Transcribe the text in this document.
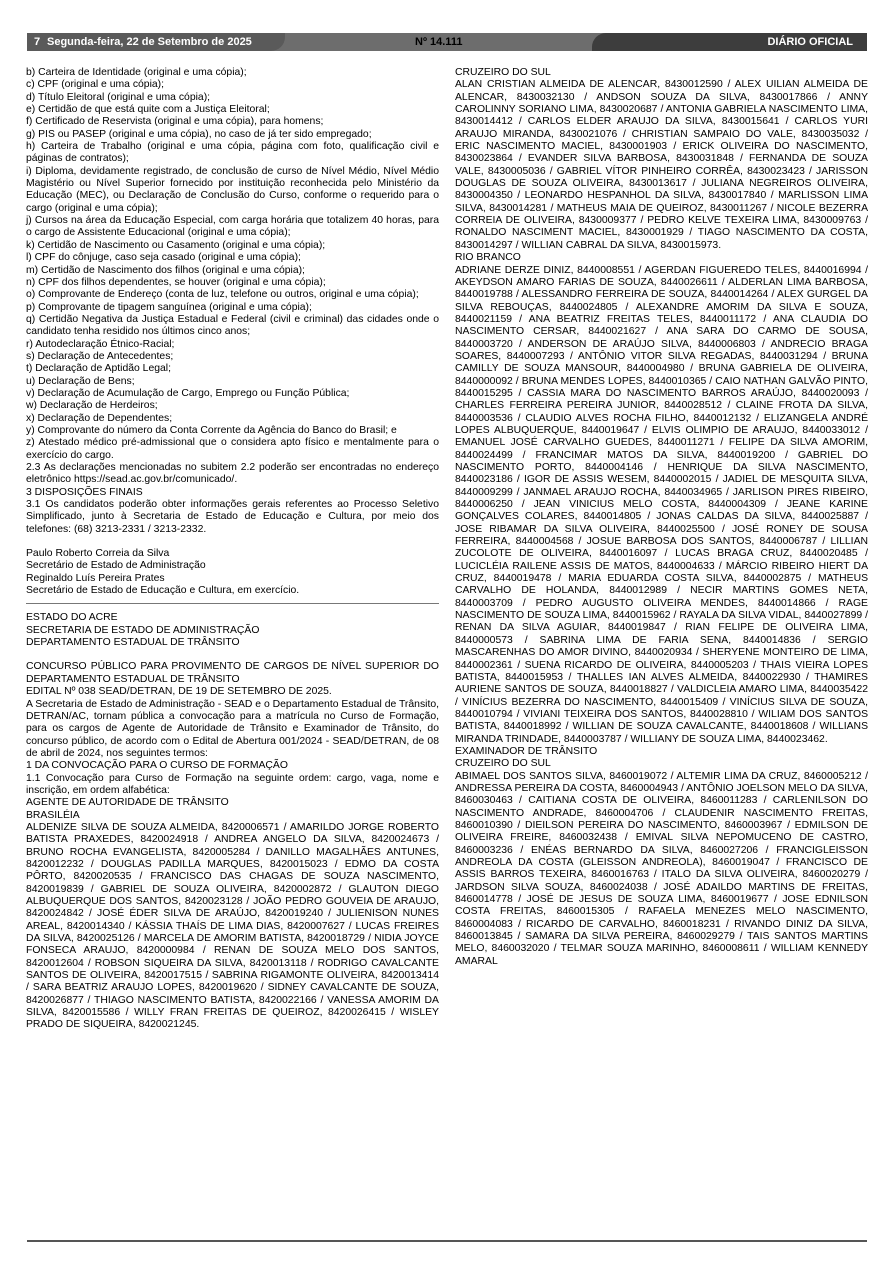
7 Segunda-feira, 22 de Setembro de 2025	Nº 14.111	DIÁRIO OFICIAL

b) Carteira de Identidade (original e uma cópia);

c) CPF (original e uma cópia);

d) Título Eleitoral (original e uma cópia);

e) Certidão de que está quite com a Justiça Eleitoral;

f) Certificado de Reservista (original e uma cópia), para homens;

g) PIS ou PASEP (original e uma cópia), no caso de já ter sido empregado;

h) Carteira de Trabalho (original e uma cópia, página com foto, qualificação civil e páginas de contratos);

i) Diploma, devidamente registrado, de conclusão de curso de Nível Médio, Nível Médio Magistério ou Nível Superior fornecido por instituição reconhecida pelo Ministério da Educação (MEC), ou Declaração de Conclusão do Curso, conforme o requerido para o cargo (original e uma cópia);

j) Cursos na área da Educação Especial, com carga horária que totalizem 40 horas, para o cargo de Assistente Educacional (original e uma cópia);

k) Certidão de Nascimento ou Casamento (original e uma cópia);

l) CPF do cônjuge, caso seja casado (original e uma cópia);

m) Certidão de Nascimento dos filhos (original e uma cópia);

n) CPF dos filhos dependentes, se houver (original e uma cópia);

o) Comprovante de Endereço (conta de luz, telefone ou outros, original e uma cópia);

p) Comprovante de tipagem sanguínea (original e uma cópia);

q) Certidão Negativa da Justiça Estadual e Federal (civil e criminal) das cidades onde o candidato tenha residido nos últimos cinco anos;

r) Autodeclaração Étnico-Racial;

s) Declaração de Antecedentes;

t) Declaração de Aptidão Legal;

u) Declaração de Bens;

v) Declaração de Acumulação de Cargo, Emprego ou Função Pública;

w) Declaração de Herdeiros;

x) Declaração de Dependentes;

y) Comprovante do número da Conta Corrente da Agência do Banco do Brasil; e

z) Atestado médico pré-admissional que o considera apto físico e mentalmente para o exercício do cargo.

2.3 As declarações mencionadas no subitem 2.2 poderão ser encontradas no endereço eletrônico https://sead.ac.gov.br/comunicado/.

3 DISPOSIÇÕES FINAIS

3.1 Os candidatos poderão obter informações gerais referentes ao Processo Seletivo Simplificado, junto à Secretaria de Estado de Educação e Cultura, por meio dos telefones: (68) 3213-2331 / 3213-2332.

Paulo Roberto Correia da Silva

Secretário de Estado de Administração

Reginaldo Luís Pereira Prates

Secretário de Estado de Educação e Cultura, em exercício.

ESTADO DO ACRE

SECRETARIA DE ESTADO DE ADMINISTRAÇÃO

DEPARTAMENTO ESTADUAL DE TRÂNSITO

CONCURSO PÚBLICO PARA PROVIMENTO DE CARGOS DE NÍVEL SUPERIOR DO DEPARTAMENTO ESTADUAL DE TRÂNSITO

EDITAL Nº 038 SEAD/DETRAN, DE 19 DE SETEMBRO DE 2025.

A Secretaria de Estado de Administração - SEAD e o Departamento Estadual de Trânsito, DETRAN/AC, tornam pública a convocação para a matrícula no Curso de Formação, para os cargos de Agente de Autoridade de Trânsito e Examinador de Trânsito, do concurso público, de acordo com o Edital de Abertura 001/2024 - SEAD/DETRAN, de 08 de abril de 2024, nos seguintes termos:

1 DA CONVOCAÇÃO PARA O CURSO DE FORMAÇÃO

1.1 Convocação para Curso de Formação na seguinte ordem: cargo, vaga, nome e inscrição, em ordem alfabética:

AGENTE DE AUTORIDADE DE TRÂNSITO

BRASILÉIA

ALDENIZE SILVA DE SOUZA ALMEIDA, 8420006571 / AMARILDO JORGE ROBERTO BATISTA PRAXEDES, 8420024918 / ANDREA ANGELO DA SILVA, 8420024673 / BRUNO ROCHA EVANGELISTA, 8420005284 / DANILLO MAGALHÃES ANTUNES, 8420012232 / DOUGLAS PADILLA MARQUES, 8420015023 / EDMO DA COSTA PÔRTO, 8420020535 / FRANCISCO DAS CHAGAS DE SOUZA NASCIMENTO, 8420019839 / GABRIEL DE SOUZA OLIVEIRA, 8420002872 / GLAUTON DIEGO ALBUQUERQUE DOS SANTOS, 8420023128 / JOÃO PEDRO GOUVEIA DE ARAUJO, 8420024842 / JOSÉ ÉDER SILVA DE ARAÚJO, 8420019240 / JULIENISON NUNES AREAL, 8420014340 / KÁSSIA THAÍS DE LIMA DIAS, 8420007627 / LUCAS FREIRES DA SILVA, 8420025126 / MARCELA DE AMORIM BATISTA, 8420018729 / NIDIA JOYCE FONSECA ARAUJO, 8420000984 / RENAN DE SOUZA MELO DOS SANTOS, 8420012604 / ROBSON SIQUEIRA DA SILVA, 8420013118 / RODRIGO CAVALCANTE SANTOS DE OLIVEIRA, 8420017515 / SABRINA RIGAMONTE OLIVEIRA, 8420013414 / SARA BEATRIZ ARAUJO LOPES, 8420019620 / SIDNEY CAVALCANTE DE SOUZA, 8420026877 / THIAGO NASCIMENTO BATISTA, 8420022166 / VANESSA AMORIM DA SILVA, 8420015586 / WILLY FRAN FREITAS DE QUEIROZ, 8420026415 / WISLEY PRADO DE SIQUEIRA, 8420021245.

CRUZEIRO DO SUL

ALAN CRISTIAN ALMEIDA DE ALENCAR, 8430012590 / ALEX UILIAN ALMEIDA DE ALENCAR, 8430032130 / ANDSON SOUZA DA SILVA, 8430017866 / ANNY CAROLINNY SORIANO LIMA, 8430020687 / ANTONIA GABRIELA NASCIMENTO LIMA, 8430014412 / CARLOS ELDER ARAUJO DA SILVA, 8430015641 / CARLOS YURI ARAUJO MIRANDA, 8430021076 / CHRISTIAN SAMPAIO DO VALE, 8430035032 / ERIC NASCIMENTO MACIEL, 8430001903 / ERICK OLIVEIRA DO NASCIMENTO, 8430023864 / EVANDER SILVA BARBOSA, 8430031848 / FERNANDA DE SOUZA VALE, 8430005036 / GABRIEL VÍTOR PINHEIRO CORRÊA, 8430023423 / JARISSON DOUGLAS DE SOUZA OLIVEIRA, 8430013617 / JULIANA NEGREIROS OLIVEIRA, 8430004350 / LEONARDO HESPANHOL DA SILVA, 8430017840 / MARLISSON LIMA SILVA, 8430014281 / MATHEUS MAIA DE QUEIROZ, 8430011267 / NICOLE BEZERRA CORREIA DE OLIVEIRA, 8430009377 / PEDRO KELVE TEXEIRA LIMA, 8430009763 / RONALDO NASCIMENT MACIEL, 8430001929 / TIAGO NASCIMENTO DA COSTA, 8430014297 / WILLIAN CABRAL DA SILVA, 8430015973.

RIO BRANCO

ADRIANE DERZE DINIZ, 8440008551 / AGERDAN FIGUEREDO TELES, 8440016994 / AKEYDSON AMARO FARIAS DE SOUZA, 8440026611 / ALDERLAN LIMA BARBOSA, 8440019788 / ALESSANDRO FERREIRA DE SOUZA, 8440014264 / ALEX GURGEL DA SILVA REBOUÇAS, 8440024805 / ALEXANDRE AMORIM DA SILVA E SOUZA, 8440021159 / ANA BEATRIZ FREITAS TELES, 8440011172 / ANA CLAUDIA DO NASCIMENTO CERSAR, 8440021627 / ANA SARA DO CARMO DE SOUSA, 8440003720 / ANDERSON DE ARAÚJO SILVA, 8440006803 / ANDRECIO BRAGA SOARES, 8440007293 / ANTÔNIO VITOR SILVA REGADAS, 8440031294 / BRUNA CAMILLY DE SOUZA MANSOUR, 8440004980 / BRUNA GABRIELA DE OLIVEIRA, 8440000092 / BRUNA MENDES LOPES, 8440010365 / CAIO NATHAN GALVÃO PINTO, 8440015295 / CASSIA MARA DO NASCIMENTO BARROS ARAÚJO, 8440020093 / CHARLES FERREIRA PEREIRA JUNIOR, 8440028512 / CLAINE FROTA DA SILVA, 8440003536 / CLAUDIO ALVES ROCHA FILHO, 8440012132 / ELIZANGELA ANDRÉ LOPES ALBUQUERQUE, 8440019647 / ELVIS OLIMPIO DE ARAUJO, 8440033012 / EMANUEL JOSÉ CARVALHO GUEDES, 8440011271 / FELIPE DA SILVA AMORIM, 8440024499 / FRANCIMAR MATOS DA SILVA, 8440019200 / GABRIEL DO NASCIMENTO PORTO, 8440004146 / HENRIQUE DA SILVA NASCIMENTO, 8440023186 / IGOR DE ASSIS WESEM, 8440002015 / JADIEL DE MESQUITA SILVA, 8440009299 / JANMAEL ARAUJO ROCHA, 8440034965 / JARLISON PIRES RIBEIRO, 8440006250 / JEAN VINICIUS MELO COSTA, 8440004309 / JEANE KARINE GONÇALVES COLARES, 8440014805 / JONAS CALDAS DA SILVA, 8440025887 / JOSE RIBAMAR DA SILVA OLIVEIRA, 8440025500 / JOSÉ RONEY DE SOUSA FERREIRA, 8440004568 / JOSUE BARBOSA DOS SANTOS, 8440006787 / LILLIAN ZUCOLOTE DE OLIVEIRA, 8440016097 / LUCAS BRAGA CRUZ, 8440020485 / LUCICLÉIA RAILENE ASSIS DE MATOS, 8440004633 / MÁRCIO RIBEIRO HIERT DA CRUZ, 8440019478 / MARIA EDUARDA COSTA SILVA, 8440002875 / MATHEUS CARVALHO DE HOLANDA, 8440012989 / NECIR MARTINS GOMES NETA, 8440003709 / PEDRO AUGUSTO OLIVEIRA MENDES, 8440014866 / RAGE NASCIMENTO DE SOUZA LIMA, 8440015962 / RAYALA DA SILVA VIDAL, 8440027899 / RENAN DA SILVA AGUIAR, 8440019847 / RIAN FELIPE DE OLIVEIRA LIMA, 8440000573 / SABRINA LIMA DE FARIA SENA, 8440014836 / SERGIO MASCARENHAS DO AMOR DIVINO, 8440020934 / SHERYENE MONTEIRO DE LIMA, 8440002361 / SUENA RICARDO DE OLIVEIRA, 8440005203 / THAIS VIEIRA LOPES BATISTA, 8440015953 / THALLES IAN ALVES ALMEIDA, 8440022930 / THAMIRES AURIENE SANTOS DE SOUZA, 8440018827 / VALDICLEIA AMARO LIMA, 8440035422 / VINÍCIUS BEZERRA DO NASCIMENTO, 8440015409 / VINÍCIUS SILVA DE SOUZA, 8440010794 / VIVIANI TEIXEIRA DOS SANTOS, 8440028810 / WILIAM DOS SANTOS BATISTA, 8440018992 / WILLIAN DE SOUZA CAVALCANTE, 8440018608 / WILLIANS MIRANDA TRINDADE, 8440003787 / WILLIANY DE SOUZA LIMA, 8440023462.

EXAMINADOR DE TRÂNSITO

CRUZEIRO DO SUL

ABIMAEL DOS SANTOS SILVA, 8460019072 / ALTEMIR LIMA DA CRUZ, 8460005212 / ANDRESSA PEREIRA DA COSTA, 8460004943 / ANTÔNIO JOELSON MELO DA SILVA, 8460030463 / CAITIANA COSTA DE OLIVEIRA, 8460011283 / CARLENILSON DO NASCIMENTO ANDRADE, 8460004706 / CLAUDENIR NASCIMENTO FREITAS, 8460010390 / DIEILSON PEREIRA DO NASCIMENTO, 8460003967 / EDMILSON DE OLIVEIRA FREIRE, 8460032438 / EMIVAL SILVA NEPOMUCENO DE CASTRO, 8460003236 / ENÉAS BERNARDO DA SILVA, 8460027206 / FRANCIGLEISSON ANDREOLA DA COSTA (GLEISSON ANDREOLA), 8460019047 / FRANCISCO DE ASSIS BARROS TEXEIRA, 8460016763 / ITALO DA SILVA OLIVEIRA, 8460020279 / JARDSON SILVA SOUZA, 8460024038 / JOSÉ ADAILDO MARTINS DE FREITAS, 8460014778 / JOSÉ DE JESUS DE SOUZA LIMA, 8460019677 / JOSE EDNILSON COSTA FREITAS, 8460015305 / RAFAELA MENEZES MELO NASCIMENTO, 8460004083 / RICARDO DE CARVALHO, 8460018231 / RIVANDO DINIZ DA SILVA, 8460013845 / SAMARA DA SILVA PEREIRA, 8460029279 / TAIS SANTOS MARTINS MELO, 8460032020 / TELMAR SOUZA MARINHO, 8460008611 / WILLIAM KENNEDY AMARAL
